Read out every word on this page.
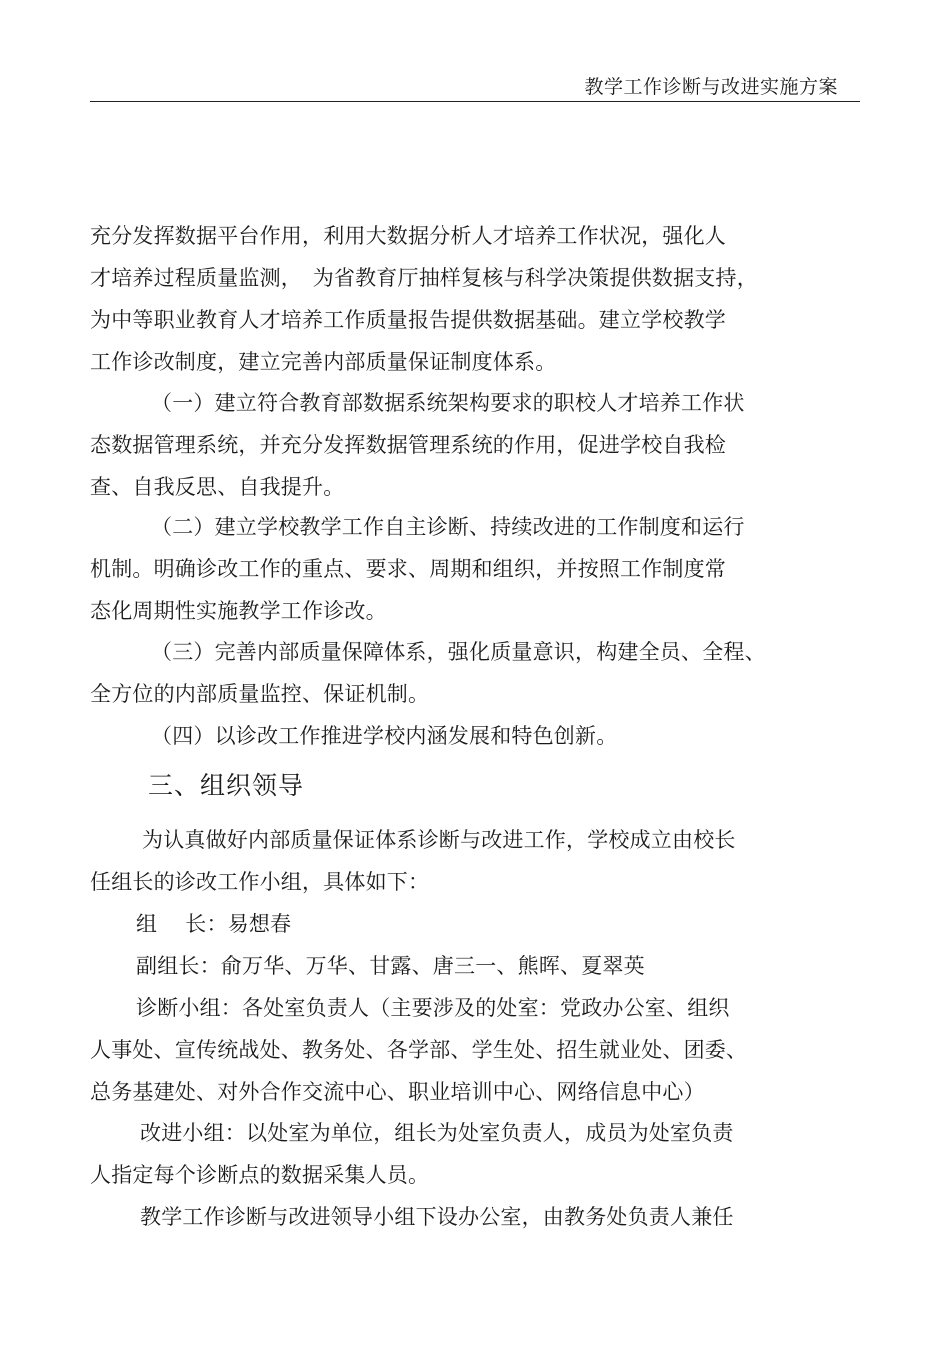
教学工作诊断与改进实施方案
充分发挥数据平台作用，利用大数据分析人才培养工作状况，强化人
才培养过程质量监测，　为省教育厅抽样复核与科学决策提供数据支持，
为中等职业教育人才培养工作质量报告提供数据基础。建立学校教学
工作诊改制度，建立完善内部质量保证制度体系。
（一）建立符合教育部数据系统架构要求的职校人才培养工作状
态数据管理系统，并充分发挥数据管理系统的作用，促进学校自我检
查、自我反思、自我提升。
（二）建立学校教学工作自主诊断、持续改进的工作制度和运行
机制。明确诊改工作的重点、要求、周期和组织，并按照工作制度常
态化周期性实施教学工作诊改。
（三）完善内部质量保障体系，强化质量意识，构建全员、全程、
全方位的内部质量监控、保证机制。
（四）以诊改工作推进学校内涵发展和特色创新。
三、组织领导
为认真做好内部质量保证体系诊断与改进工作，学校成立由校长
任组长的诊改工作小组，具体如下：
组　 长：易想春
副组长：俞万华、万华、甘露、唐三一、熊晖、夏翠英
诊断小组：各处室负责人（主要涉及的处室：党政办公室、组织
人事处、宣传统战处、教务处、各学部、学生处、招生就业处、团委、
总务基建处、对外合作交流中心、职业培训中心、网络信息中心）
改进小组：以处室为单位，组长为处室负责人，成员为处室负责
人指定每个诊断点的数据采集人员。
教学工作诊断与改进领导小组下设办公室，由教务处负责人兼任
